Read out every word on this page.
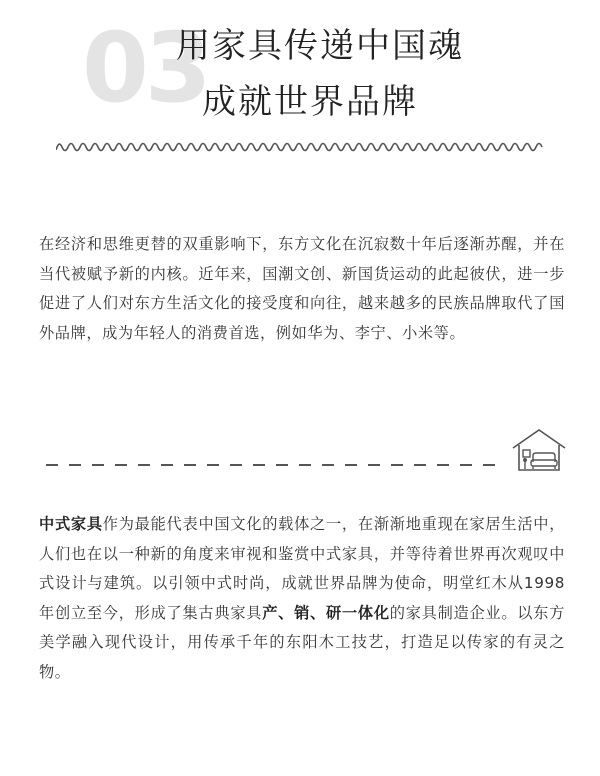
03
用家具传递中国魂
成就世界品牌
在经济和思维更替的双重影响下，东方文化在沉寂数十年后逐渐苏醒，并在当代被赋予新的内核。近年来，国潮文创、新国货运动的此起彼伏，进一步促进了人们对东方生活文化的接受度和向往，越来越多的民族品牌取代了国外品牌，成为年轻人的消费首选，例如华为、李宁、小米等。
中式家具作为最能代表中国文化的载体之一，在渐渐地重现在家居生活中，人们也在以一种新的角度来审视和鉴赏中式家具，并等待着世界再次观叹中式设计与建筑。以引领中式时尚，成就世界品牌为使命，明堂红木从1998年创立至今，形成了集古典家具产、销、研一体化的家具制造企业。以东方美学融入现代设计，用传承千年的东阳木工技艺，打造足以传家的有灵之物。
